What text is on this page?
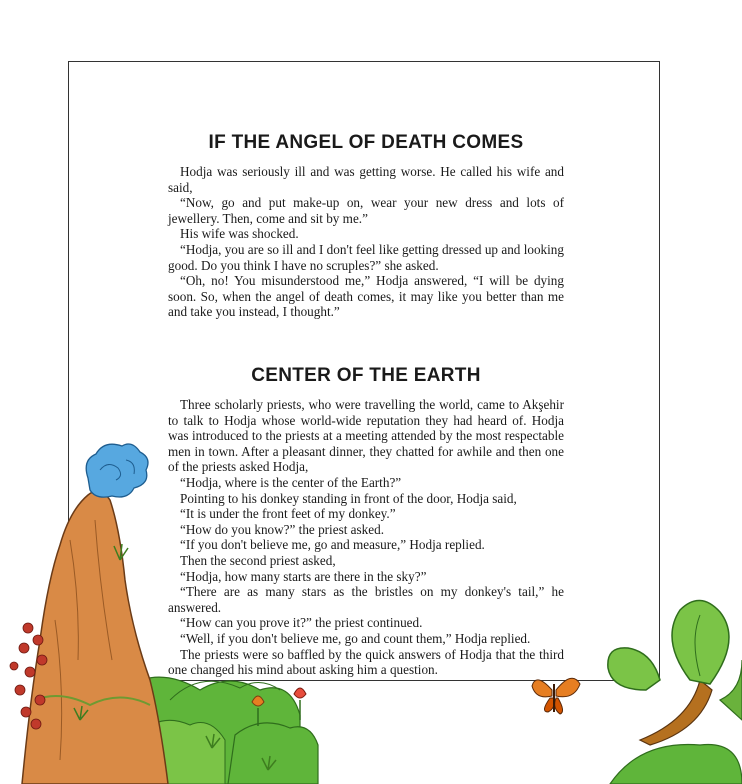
IF THE ANGEL OF DEATH COMES

Hodja was seriously ill and was getting worse. He called his wife and said,

“Now, go and put make-up on, wear your new dress and lots of jewellery. Then, come and sit by me.”

His wife was shocked.

“Hodja, you are so ill and I don't feel like getting dressed up and looking good. Do you think I have no scruples?” she asked.

“Oh, no! You misunderstood me,” Hodja answered, “I will be dying soon. So, when the angel of death comes, it may like you better than me and take you instead, I thought.”

CENTER OF THE EARTH

Three scholarly priests, who were travelling the world, came to Akşehir to talk to Hodja whose world-wide reputation they had heard of. Hodja was introduced to the priests at a meeting attended by the most respectable men in town. After a pleasant dinner, they chatted for awhile and then one of the priests asked Hodja,

“Hodja, where is the center of the Earth?”

Pointing to his donkey standing in front of the door, Hodja said,

“It is under the front feet of my donkey.”

“How do you know?” the priest asked.

“If you don't believe me, go and measure,” Hodja replied.

Then the second priest asked,

“Hodja, how many starts are there in the sky?”

“There are as many stars as the bristles on my donkey's tail,” he answered.

“How can you prove it?” the priest continued.

“Well, if you don't believe me, go and count them,” Hodja replied.

The priests were so baffled by the quick answers of Hodja that the third one changed his mind about asking him a question.
